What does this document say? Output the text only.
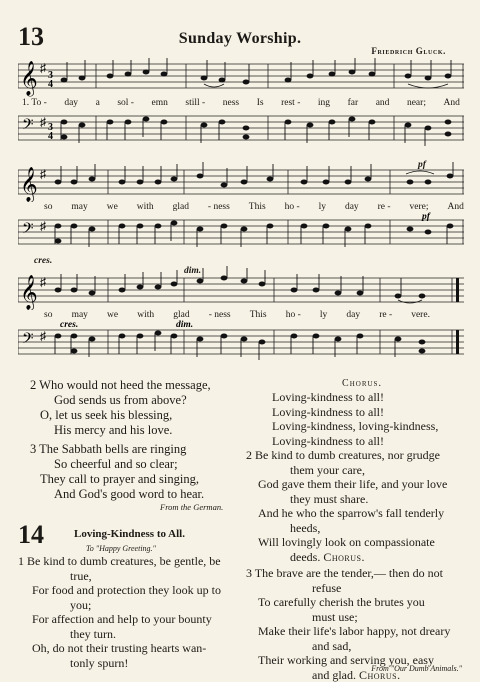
13	Sunday Worship.
Friedrich Gluck.
𝄞 ♯
3
4
1. To - day a sol - emn still - ness Is rest - ing far and near; And
𝄢 ♯ 3
4
pf
𝄞 ♯
so may we with glad - ness This ho - ly day re - vere; And
𝄢 ♯
pf
cres.
dim.
𝄞 ♯
so may we with glad - ness This ho - ly day re - vere.
𝄢 ♯
cres.	dim.
2 Who would not heed the message,
God sends us from above?
O, let us seek his blessing,
His mercy and his love.
3 The Sabbath bells are ringing
So cheerful and so clear;
They call to prayer and singing,
And God's good word to hear.
From the German.
14	Loving-Kindness to All.
To "Happy Greeting."
1 Be kind to dumb creatures, be gentle, be
true,
For food and protection they look up to
you;
For affection and help to your bounty
they turn.
Oh, do not their trusting hearts wan-
tonly spurn!
Chorus.
Loving-kindness to all!
Loving-kindness to all!
Loving-kindness, loving-kindness,
Loving-kindness to all!
2 Be kind to dumb creatures, nor grudge
them your care,
God gave them their life, and your love
they must share.
And he who the sparrow's fall tenderly
heeds,
Will lovingly look on compassionate
deeds. Chorus.
3 The brave are the tender,— then do not
refuse
To carefully cherish the brutes you
must use;
Make their life's labor happy, not dreary
and sad,
Their working and serving you, easy
and glad. Chorus.
From "Our Dumb Animals."
